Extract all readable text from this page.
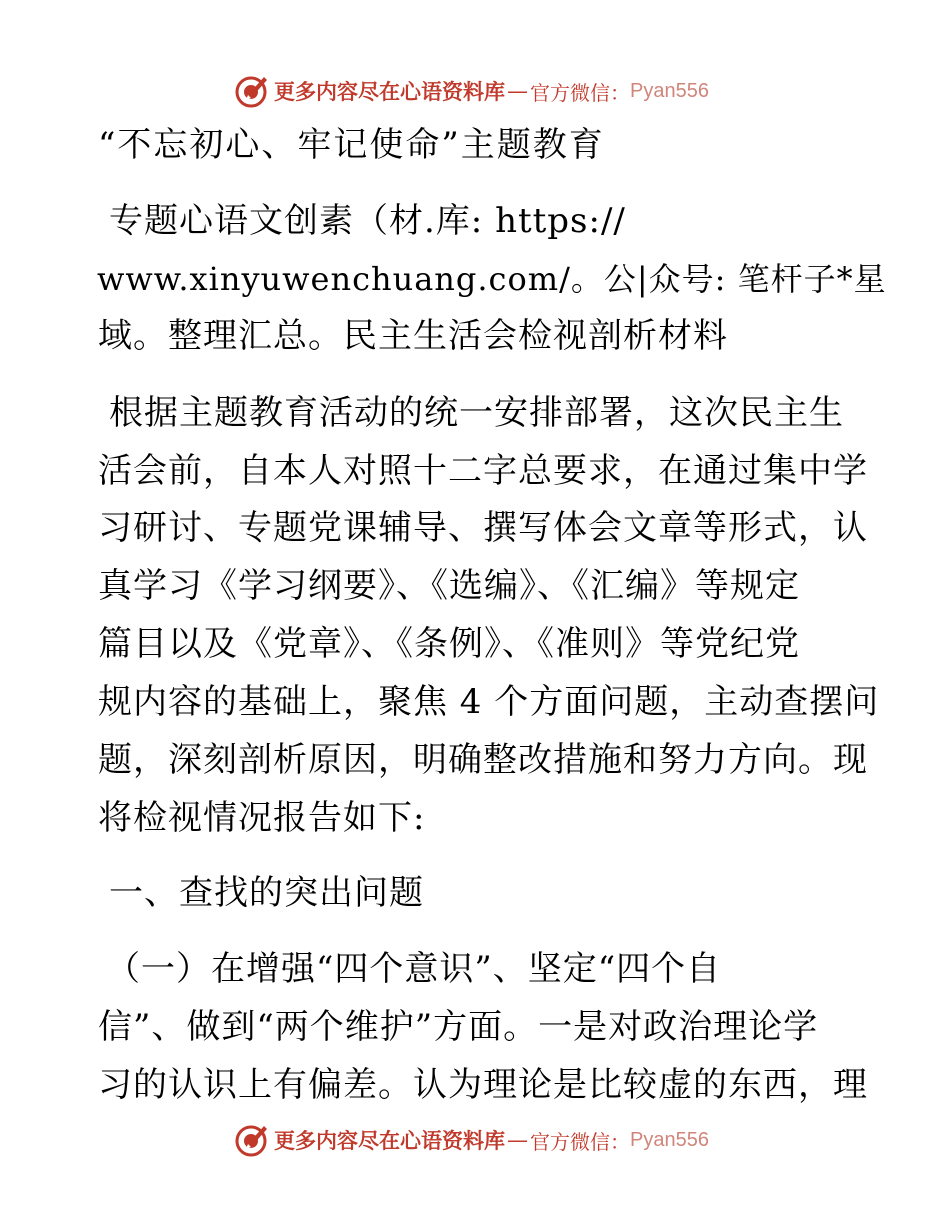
更多内容尽在心语资料库 — 官方微信： Pyan556
“不忘初心、牢记使命”主题教育
专题心语文创素（材.库: https://
www.xinyuwenchuang.com/。公|众号: 笔杆子*星
域。整理汇总。民主生活会检视剖析材料
根据主题教育活动的统一安排部署，这次民主生
活会前，自本人对照十二字总要求，在通过集中学
习研讨、专题党课辅导、撰写体会文章等形式，认
真学习《学习纲要》、《选编》、《汇编》等规定
篇目以及《党章》、《条例》、《准则》等党纪党
规内容的基础上，聚焦 4 个方面问题，主动查摆问
题，深刻剖析原因，明确整改措施和努力方向。现
将检视情况报告如下:
一、查找的突出问题
（一）在增强“四个意识”、坚定“四个自
信”、做到“两个维护”方面。一是对政治理论学
习的认识上有偏差。认为理论是比较虚的东西，理
更多内容尽在心语资料库 — 官方微信： Pyan556
